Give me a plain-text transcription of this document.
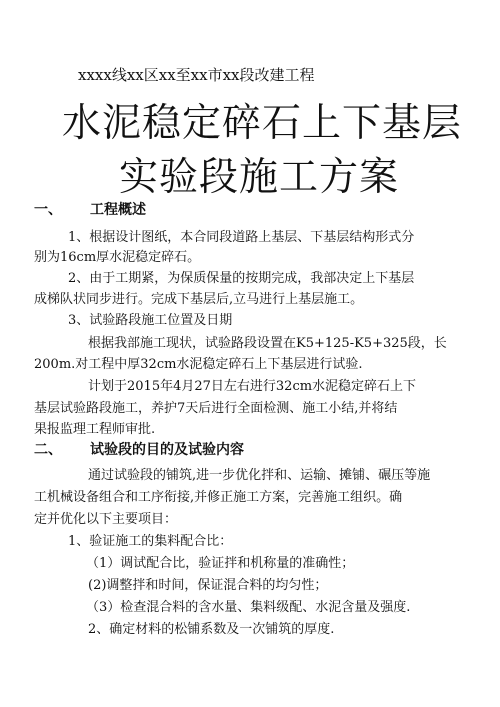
xxxx线xx区xx至xx市xx段改建工程
水泥稳定碎石上下基层
实验段施工方案
一、 工程概述
1、根据设计图纸，本合同段道路上基层、下基层结构形式分
别为16cm厚水泥稳定碎石。
2、由于工期紧，为保质保量的按期完成，我部决定上下基层
成梯队状同步进行。完成下基层后,立马进行上基层施工。
3、试验路段施工位置及日期
根据我部施工现状，试验路段设置在K5+125-K5+325段，长
200m.对工程中厚32cm水泥稳定碎石上下基层进行试验.
计划于2015年4月27日左右进行32cm水泥稳定碎石上下
基层试验路段施工，养护7天后进行全面检测、施工小结,并将结
果报监理工程师审批.
二、 试验段的目的及试验内容
通过试验段的铺筑,进一步优化拌和、运输、摊铺、碾压等施
工机械设备组合和工序衔接,并修正施工方案，完善施工组织。确
定并优化以下主要项目：
1、验证施工的集料配合比：
（1）调试配合比，验证拌和机称量的准确性；
(2)调整拌和时间，保证混合料的均匀性；
（3）检查混合料的含水量、集料级配、水泥含量及强度.
2、确定材料的松铺系数及一次铺筑的厚度.
